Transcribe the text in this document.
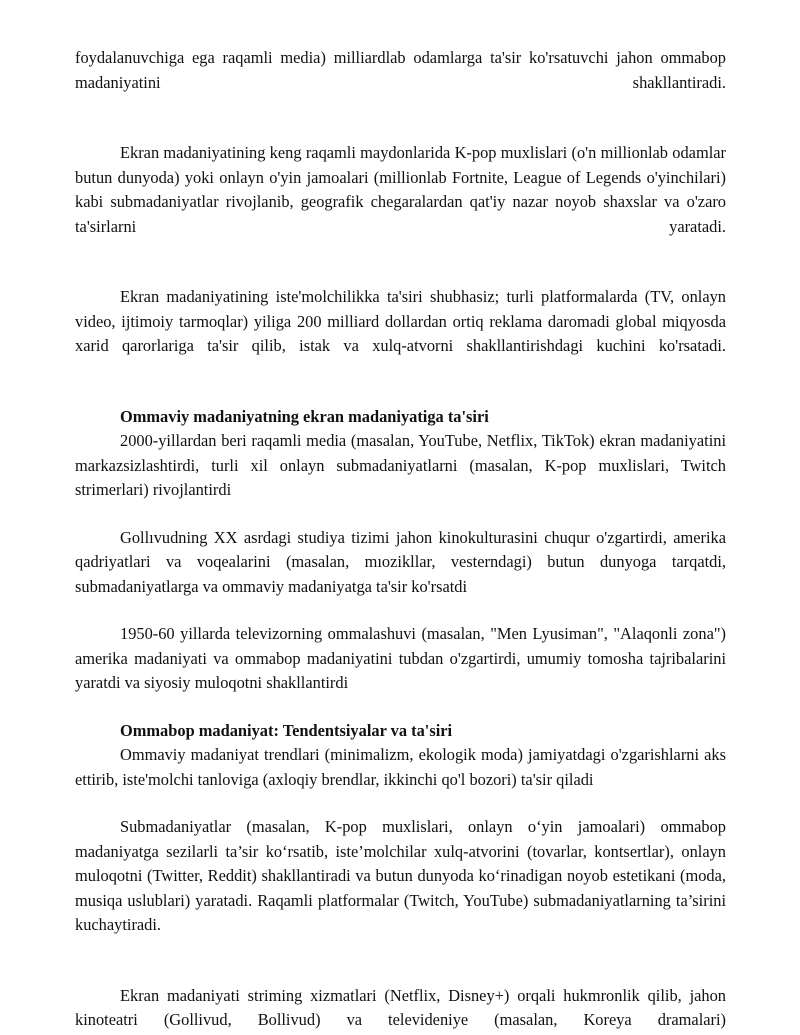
foydalanuvchiga ega raqamli media) milliardlab odamlarga ta'sir ko'rsatuvchi jahon ommabop madaniyatini shakllantiradi.

Ekran madaniyatining keng raqamli maydonlarida K-pop muxlislari (o'n millionlab odamlar butun dunyoda) yoki onlayn o'yin jamoalari (millionlab Fortnite, League of Legends o'yinchilari) kabi submadaniyatlar rivojlanib, geografik chegaralardan qat'iy nazar noyob shaxslar va o'zaro ta'sirlarni yaratadi.

Ekran madaniyatining iste'molchilikka ta'siri shubhasiz; turli platformalarda (TV, onlayn video, ijtimoiy tarmoqlar) yiliga 200 milliard dollardan ortiq reklama daromadi global miqyosda xarid qarorlariga ta'sir qilib, istak va xulq-atvorni shakllantirishdagi kuchini ko'rsatadi.

Ommaviy madaniyatning ekran madaniyatiga ta'siri

2000-yillardan beri raqamli media (masalan, YouTube, Netflix, TikTok) ekran madaniyatini markazsizlashtirdi, turli xil onlayn submadaniyatlarni (masalan, K-pop muxlislari, Twitch strimerlari) rivojlantirdi

Gollıvudning XX asrdagi studiya tizimi jahon kinokulturasini chuqur o'zgartirdi, amerika qadriyatlari va voqealarini (masalan, mıozikllar, vesterndagi) butun dunyoga tarqatdi, submadaniyatlarga va ommaviy madaniyatga ta'sir ko'rsatdi

1950-60 yillarda televizorning ommalashuvi (masalan, "Men Lyusiman", "Alaqonli zona") amerika madaniyati va ommabop madaniyatini tubdan o'zgartirdi, umumiy tomosha tajribalarini yaratdi va siyosiy muloqotni shakllantirdi

Ommabop madaniyat: Tendentsiyalar va ta'siri

Ommaviy madaniyat trendlari (minimalizm, ekologik moda) jamiyatdagi o'zgarishlarni aks ettirib, iste'molchi tanloviga (axloqiy brendlar, ikkinchi qo'l bozori) ta'sir qiladi

Submadaniyatlar (masalan, K-pop muxlislari, onlayn o‘yin jamoalari) ommabop madaniyatga sezilarli ta’sir ko‘rsatib, iste’molchilar xulq-atvorini (tovarlar, kontsertlar), onlayn muloqotni (Twitter, Reddit) shakllantiradi va butun dunyoda ko‘rinadigan noyob estetikani (moda, musiqa uslublari) yaratadi. Raqamli platformalar (Twitch, YouTube) submadaniyatlarning ta’sirini kuchaytiradi.

Ekran madaniyati striming xizmatlari (Netflix, Disney+) orqali hukmronlik qilib, jahon kinoteatri (Gollivud, Bollivud) va televideniye (masalan, Koreya dramalari)
